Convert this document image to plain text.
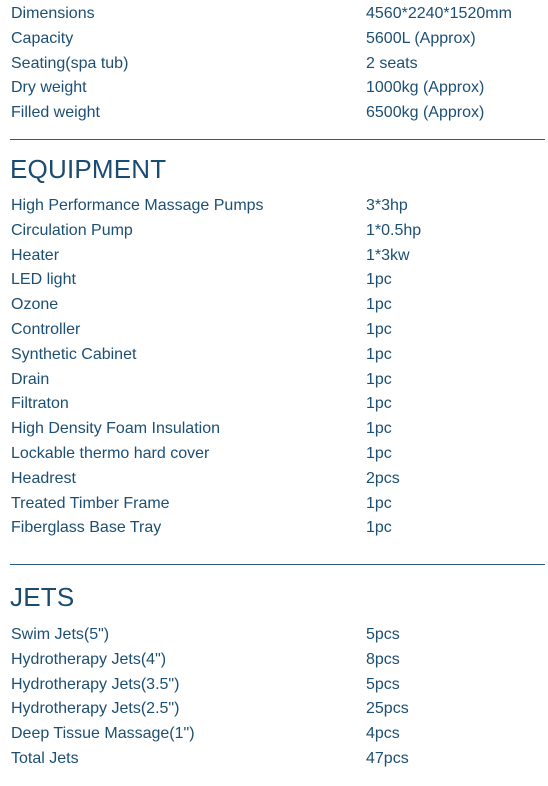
Dimensions	4560*2240*1520mm
Capacity	5600L (Approx)
Seating(spa tub)	2 seats
Dry weight	1000kg (Approx)
Filled weight	6500kg (Approx)
EQUIPMENT
High Performance Massage Pumps	3*3hp
Circulation Pump	1*0.5hp
Heater	1*3kw
LED light	1pc
Ozone	1pc
Controller	1pc
Synthetic Cabinet	1pc
Drain	1pc
Filtraton	1pc
High Density Foam Insulation	1pc
Lockable thermo hard cover	1pc
Headrest	2pcs
Treated Timber Frame	1pc
Fiberglass Base Tray	1pc
JETS
Swim Jets(5")	5pcs
Hydrotherapy Jets(4")	8pcs
Hydrotherapy Jets(3.5")	5pcs
Hydrotherapy Jets(2.5")	25pcs
Deep Tissue Massage(1")	4pcs
Total Jets	47pcs
